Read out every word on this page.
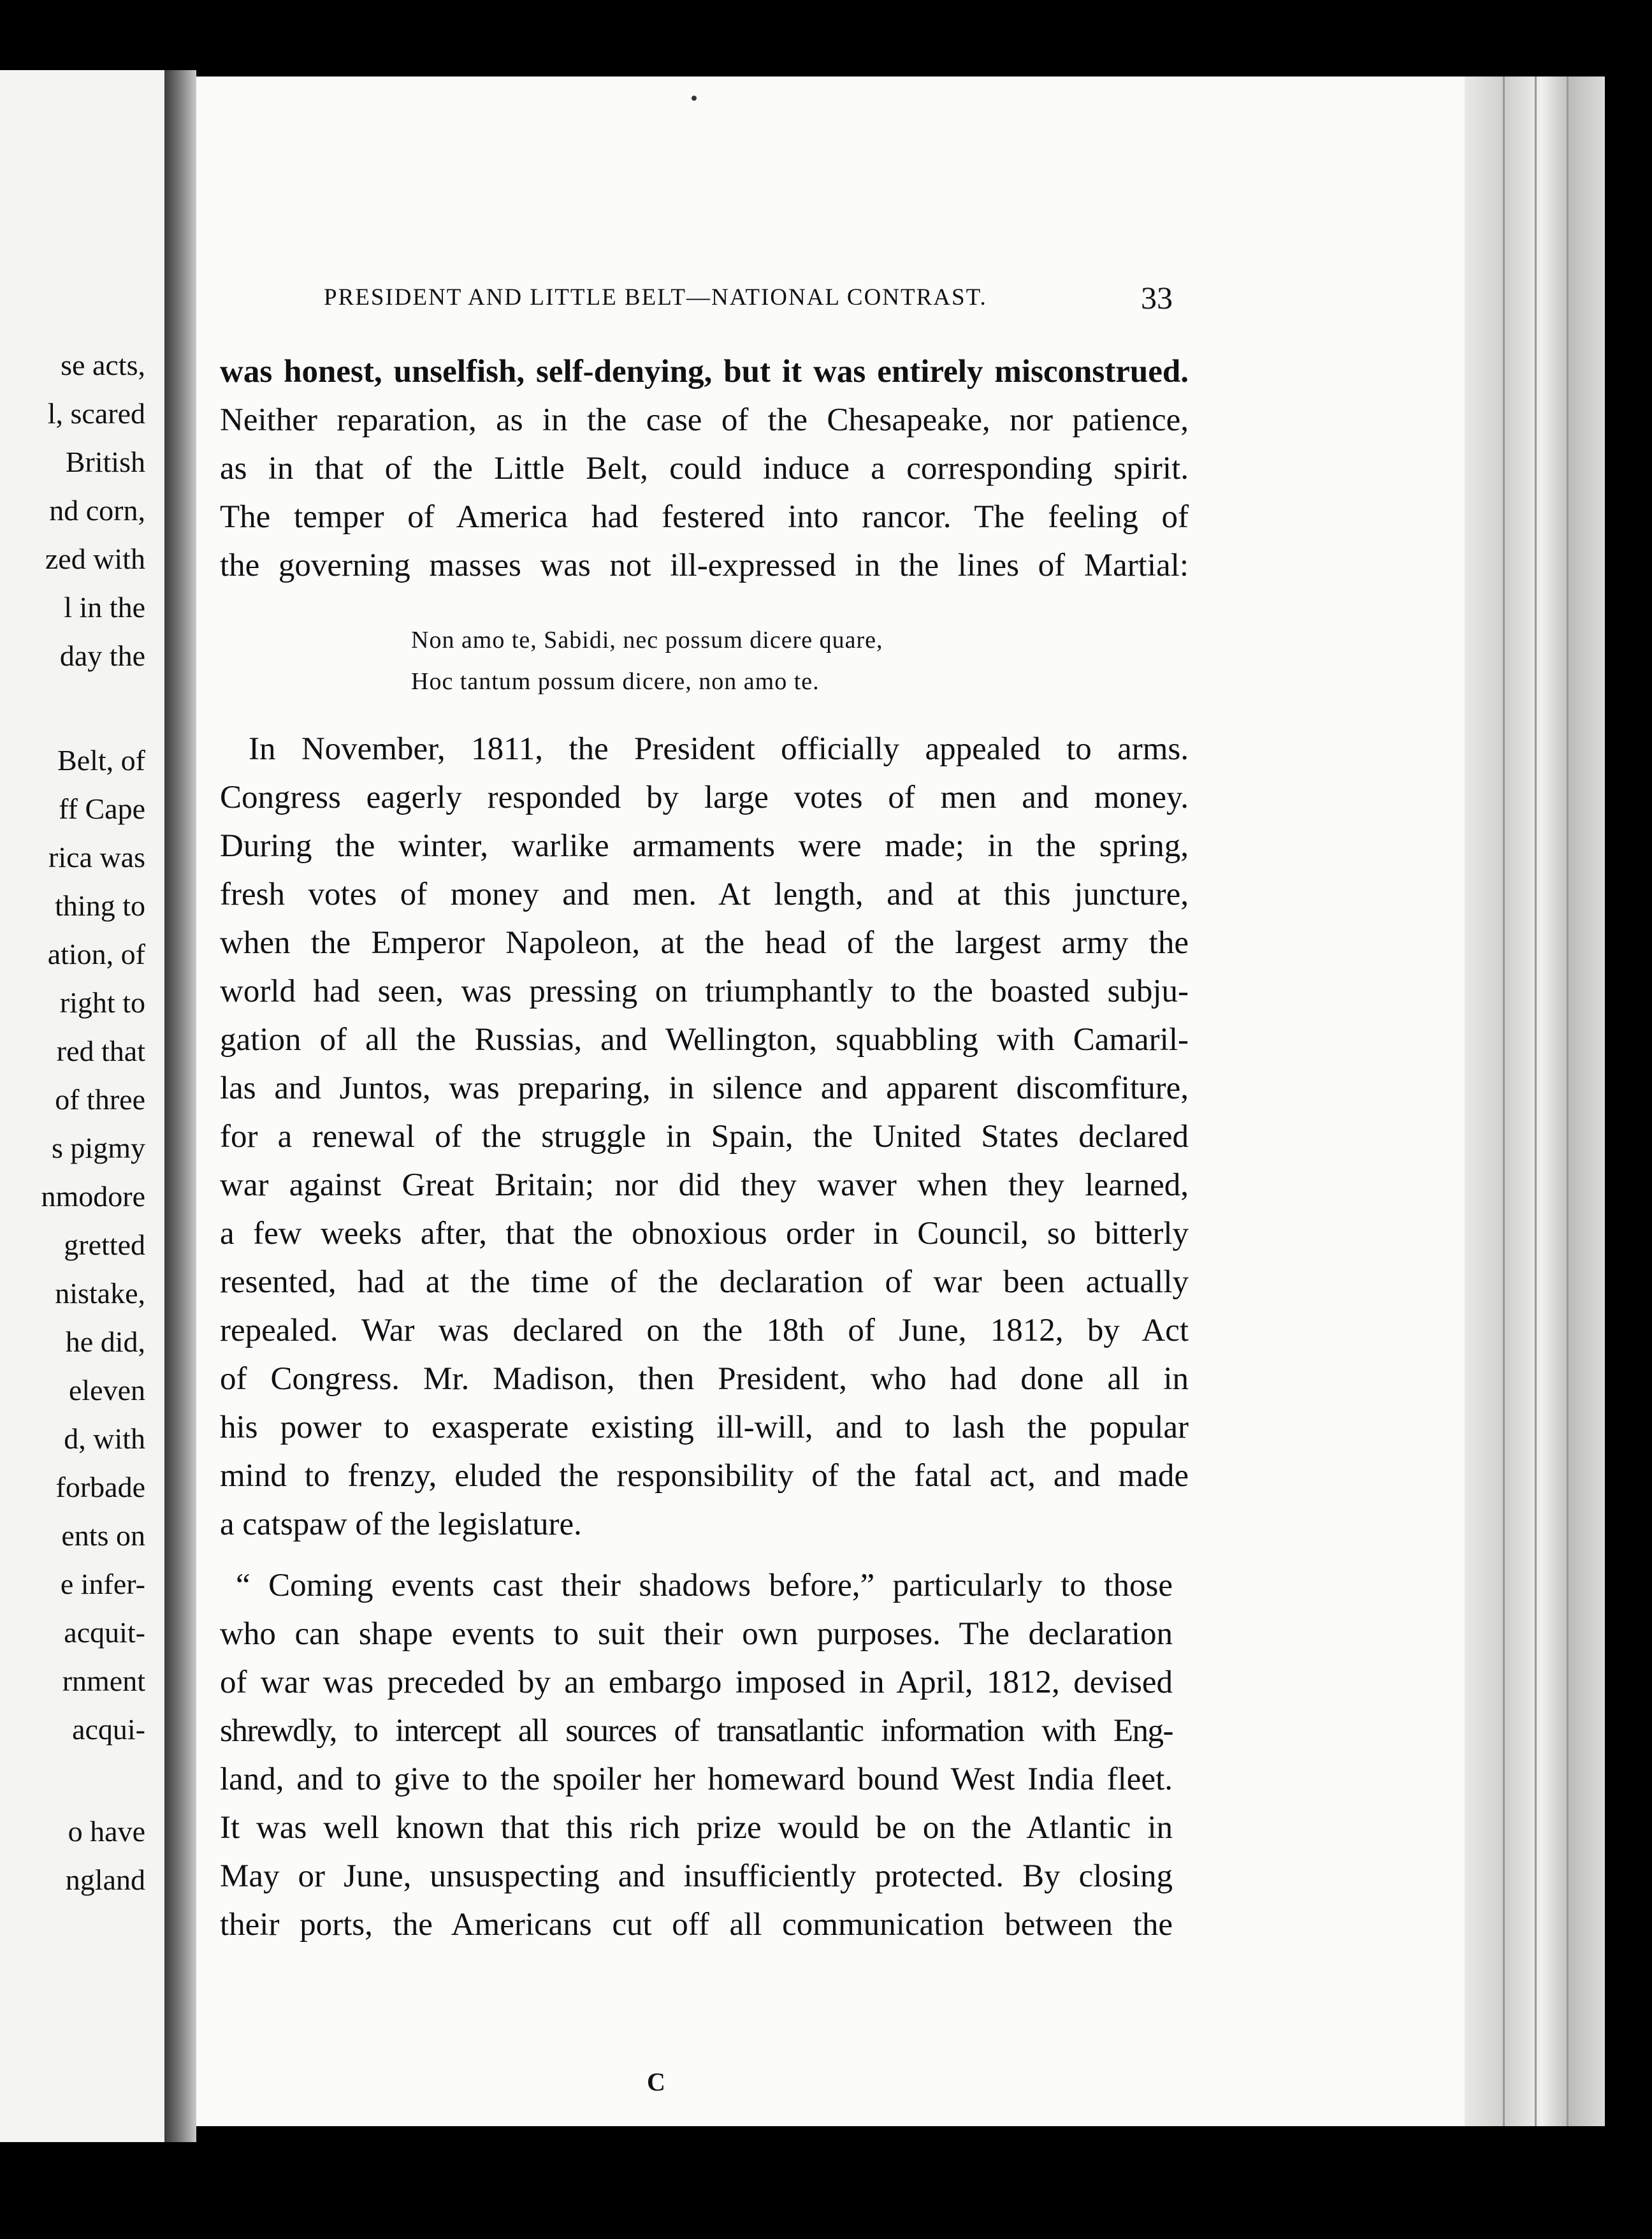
se acts,
l, scared
British
nd corn,
zed with
l in the
day the
Belt, of
ff Cape
rica was
thing to
ation, of
right to
red that
of three
s pigmy
nmodore
gretted
nistake,
he did,
eleven
d, with
forbade
ents on
e infer-
acquit-
rnment
acqui-
o have
ngland
PRESIDENT AND LITTLE BELT—NATIONAL CONTRAST.	33
was honest, unselfish, self-denying, but it was entirely misconstrued.
Neither reparation, as in the case of the Chesapeake, nor patience,
as in that of the Little Belt, could induce a corresponding spirit.
The temper of America had festered into rancor. The feeling of
the governing masses was not ill-expressed in the lines of Martial:
Non amo te, Sabidi, nec possum dicere quare,
Hoc tantum possum dicere, non amo te.
In November, 1811, the President officially appealed to arms.
Congress eagerly responded by large votes of men and money.
During the winter, warlike armaments were made; in the spring,
fresh votes of money and men. At length, and at this juncture,
when the Emperor Napoleon, at the head of the largest army the
world had seen, was pressing on triumphantly to the boasted subju-
gation of all the Russias, and Wellington, squabbling with Camaril-
las and Juntos, was preparing, in silence and apparent discomfiture,
for a renewal of the struggle in Spain, the United States declared
war against Great Britain; nor did they waver when they learned,
a few weeks after, that the obnoxious order in Council, so bitterly
resented, had at the time of the declaration of war been actually
repealed. War was declared on the 18th of June, 1812, by Act
of Congress. Mr. Madison, then President, who had done all in
his power to exasperate existing ill-will, and to lash the popular
mind to frenzy, eluded the responsibility of the fatal act, and made
a catspaw of the legislature.
“ Coming events cast their shadows before,” particularly to those
who can shape events to suit their own purposes. The declaration
of war was preceded by an embargo imposed in April, 1812, devised
shrewdly, to intercept all sources of transatlantic information with Eng-
land, and to give to the spoiler her homeward bound West India fleet.
It was well known that this rich prize would be on the Atlantic in
May or June, unsuspecting and insufficiently protected. By closing
their ports, the Americans cut off all communication between the
C
